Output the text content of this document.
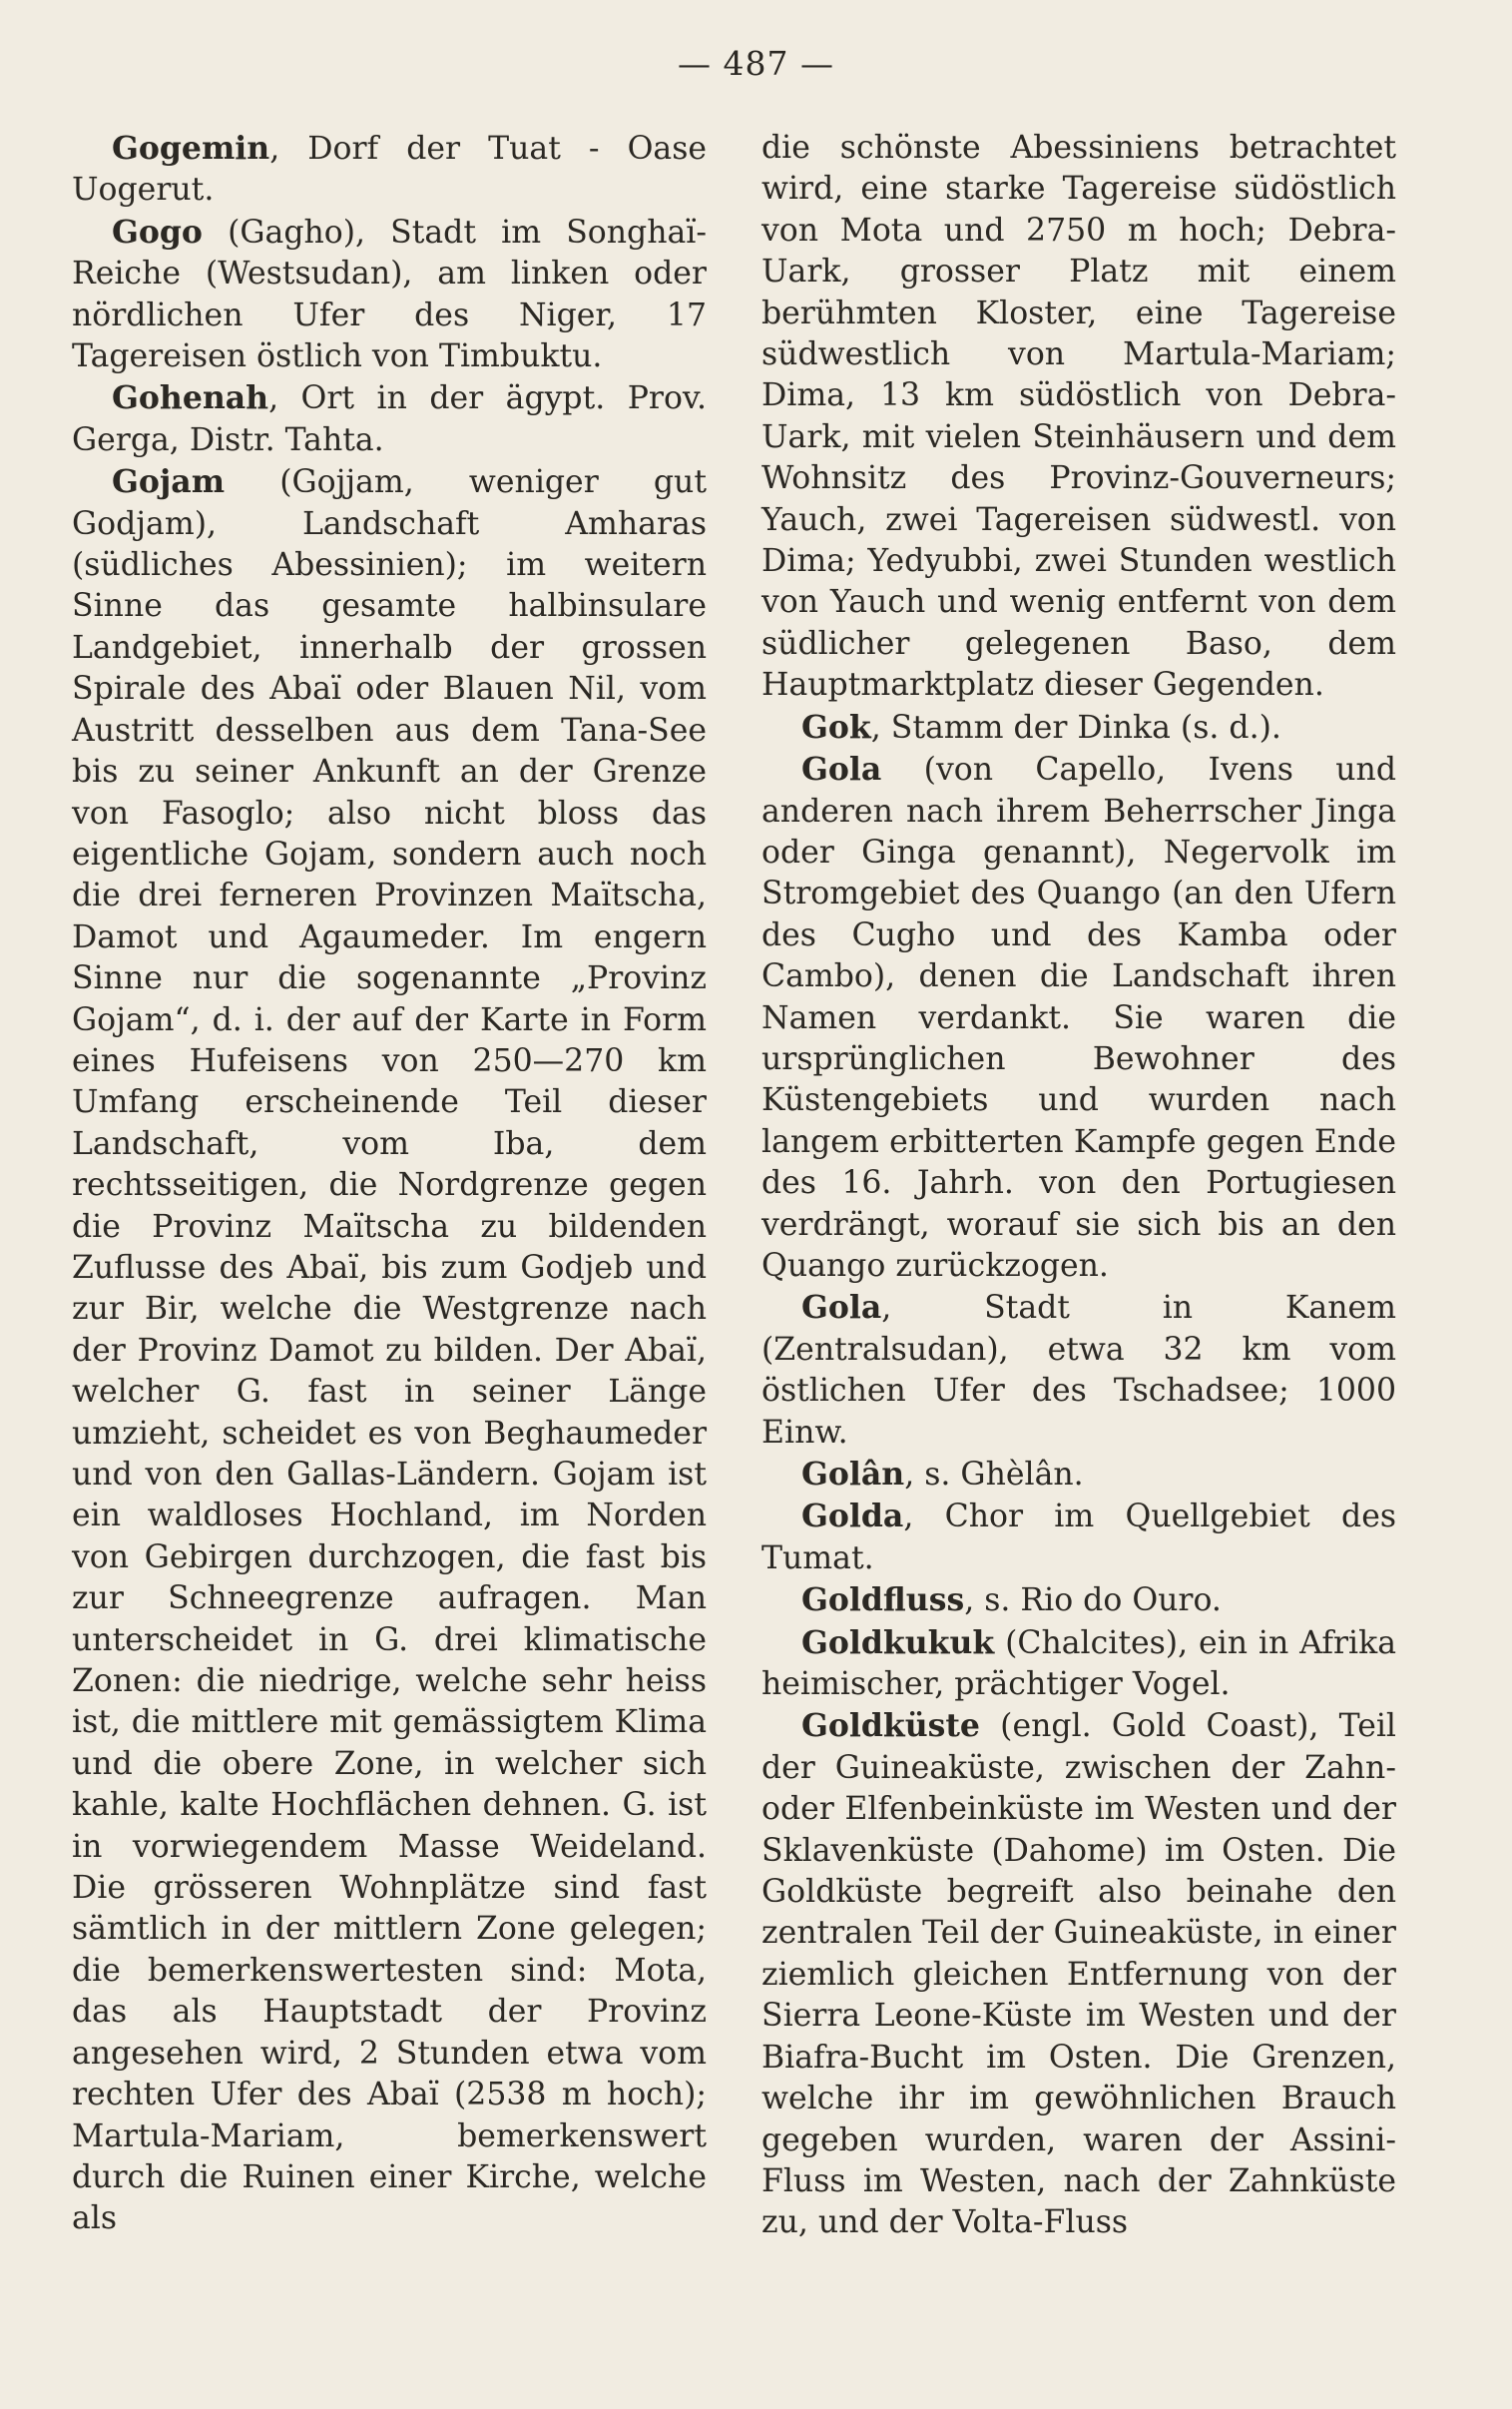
— 487 —

Gogemin, Dorf der Tuat - Oase Uogerut.

Gogo (Gagho), Stadt im Songhaï-Reiche (Westsudan), am linken oder nördlichen Ufer des Niger, 17 Tagereisen östlich von Timbuktu.

Gohenah, Ort in der ägypt. Prov. Gerga, Distr. Tahta.

Gojam (Gojjam, weniger gut Godjam), Landschaft Amharas (südliches Abessinien); im weitern Sinne das gesamte halbinsulare Landgebiet, innerhalb der grossen Spirale des Abaï oder Blauen Nil, vom Austritt desselben aus dem Tana-See bis zu seiner Ankunft an der Grenze von Fasoglo; also nicht bloss das eigentliche Gojam, sondern auch noch die drei ferneren Provinzen Maïtscha, Damot und Agaumeder. Im engern Sinne nur die sogenannte „Provinz Gojam“, d. i. der auf der Karte in Form eines Hufeisens von 250—270 km Umfang erscheinende Teil dieser Landschaft, vom Iba, dem rechtsseitigen, die Nordgrenze gegen die Provinz Maïtscha zu bildenden Zuflusse des Abaï, bis zum Godjeb und zur Bir, welche die Westgrenze nach der Provinz Damot zu bilden. Der Abaï, welcher G. fast in seiner Länge umzieht, scheidet es von Beghaumeder und von den Gallas-Ländern. Gojam ist ein waldloses Hochland, im Norden von Gebirgen durchzogen, die fast bis zur Schneegrenze aufragen. Man unterscheidet in G. drei klimatische Zonen: die niedrige, welche sehr heiss ist, die mittlere mit gemässigtem Klima und die obere Zone, in welcher sich kahle, kalte Hochflächen dehnen. G. ist in vorwiegendem Masse Weideland. Die grösseren Wohnplätze sind fast sämtlich in der mittlern Zone gelegen; die bemerkenswertesten sind: Mota, das als Hauptstadt der Provinz angesehen wird, 2 Stunden etwa vom rechten Ufer des Abaï (2538 m hoch); Martula-Mariam, bemerkenswert durch die Ruinen einer Kirche, welche als

die schönste Abessiniens betrachtet wird, eine starke Tagereise südöstlich von Mota und 2750 m hoch; Debra-Uark, grosser Platz mit einem berühmten Kloster, eine Tagereise südwestlich von Martula-Mariam; Dima, 13 km südöstlich von Debra-Uark, mit vielen Steinhäusern und dem Wohnsitz des Provinz-Gouverneurs; Yauch, zwei Tagereisen südwestl. von Dima; Yedyubbi, zwei Stunden westlich von Yauch und wenig entfernt von dem südlicher gelegenen Baso, dem Hauptmarktplatz dieser Gegenden.

Gok, Stamm der Dinka (s. d.).

Gola (von Capello, Ivens und anderen nach ihrem Beherrscher Jinga oder Ginga genannt), Negervolk im Stromgebiet des Quango (an den Ufern des Cugho und des Kamba oder Cambo), denen die Landschaft ihren Namen verdankt. Sie waren die ursprünglichen Bewohner des Küstengebiets und wurden nach langem erbitterten Kampfe gegen Ende des 16. Jahrh. von den Portugiesen verdrängt, worauf sie sich bis an den Quango zurückzogen.

Gola, Stadt in Kanem (Zentralsudan), etwa 32 km vom östlichen Ufer des Tschadsee; 1000 Einw.

Golân, s. Ghèlân.

Golda, Chor im Quellgebiet des Tumat.

Goldfluss, s. Rio do Ouro.

Goldkukuk (Chalcites), ein in Afrika heimischer, prächtiger Vogel.

Goldküste (engl. Gold Coast), Teil der Guineaküste, zwischen der Zahn- oder Elfenbeinküste im Westen und der Sklavenküste (Dahome) im Osten. Die Goldküste begreift also beinahe den zentralen Teil der Guineaküste, in einer ziemlich gleichen Entfernung von der Sierra Leone-Küste im Westen und der Biafra-Bucht im Osten. Die Grenzen, welche ihr im gewöhnlichen Brauch gegeben wurden, waren der Assini-Fluss im Westen, nach der Zahnküste zu, und der Volta-Fluss
